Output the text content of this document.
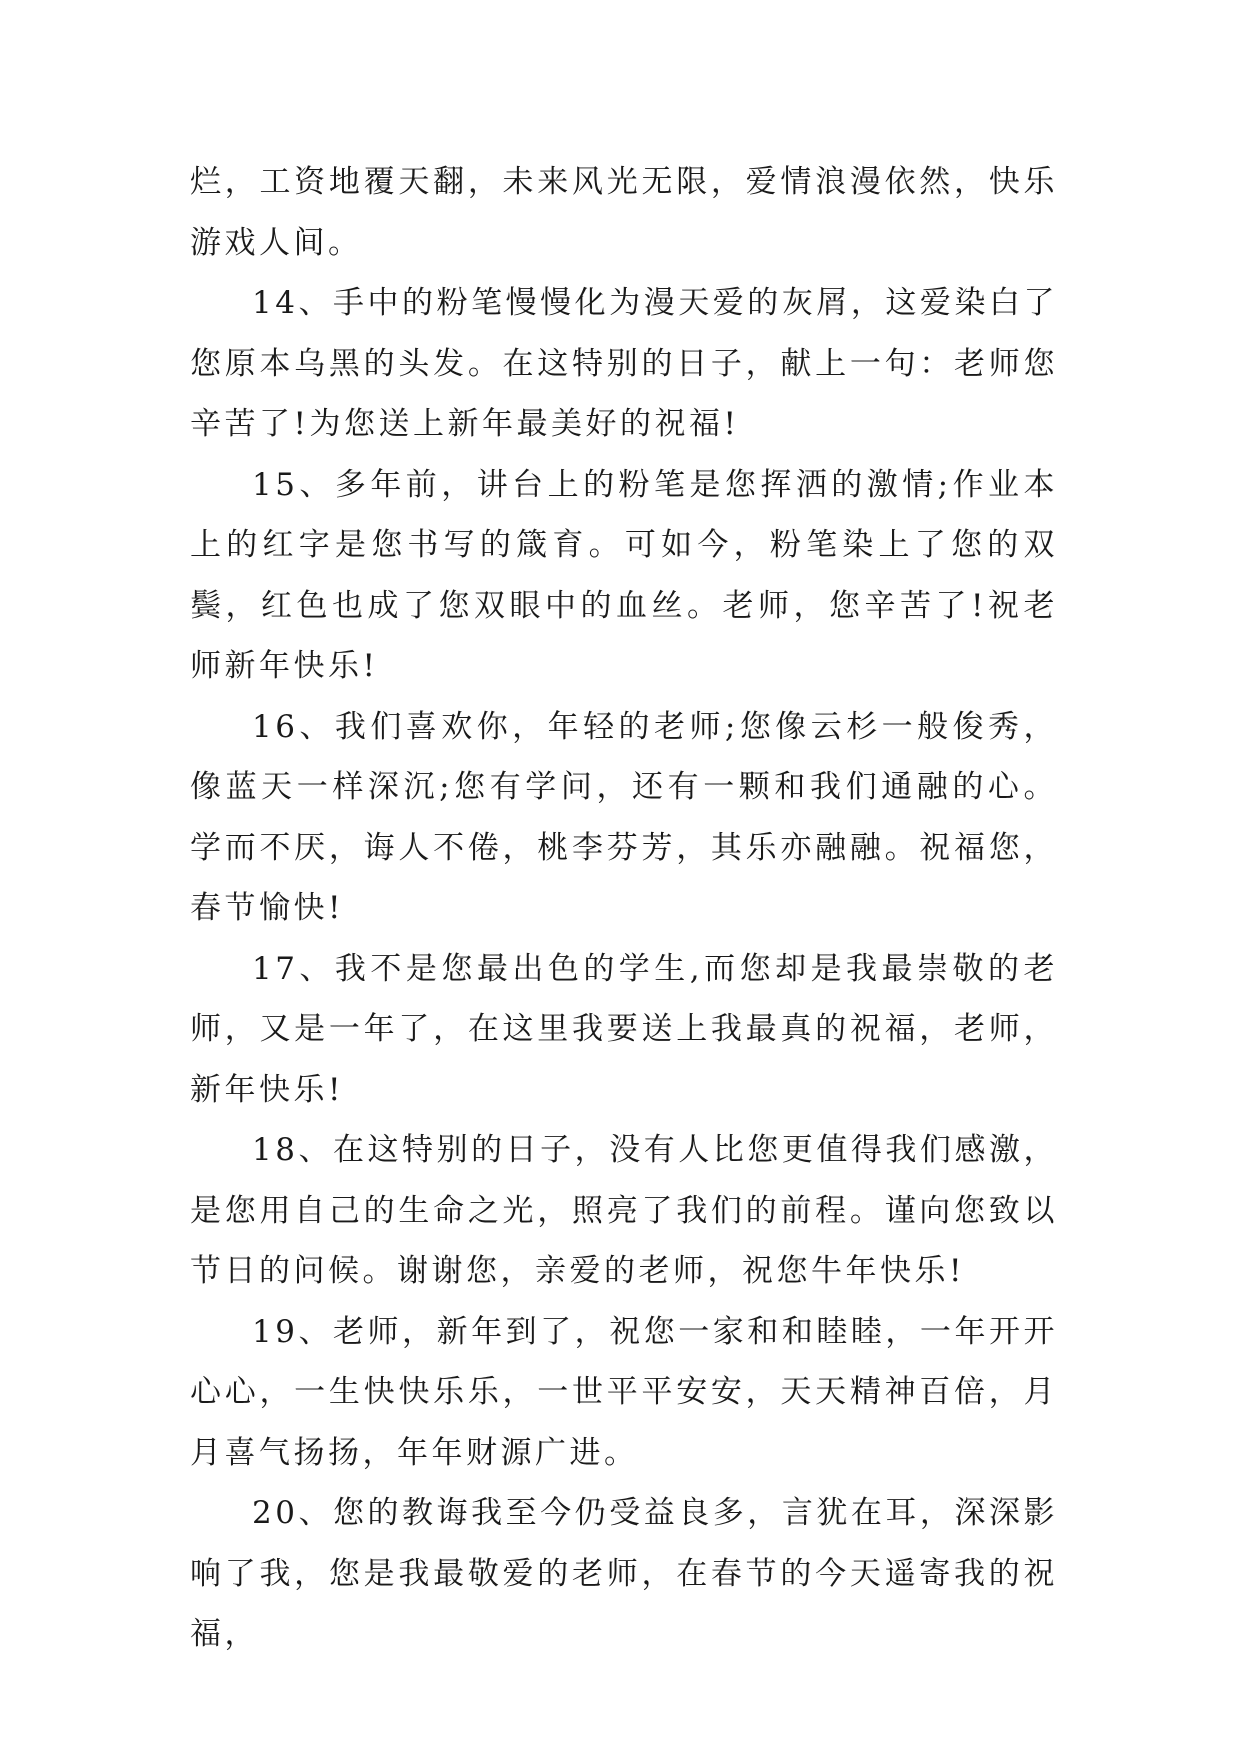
烂，工资地覆天翻，未来风光无限，爱情浪漫依然，快乐游戏人间。

14、手中的粉笔慢慢化为漫天爱的灰屑，这爱染白了您原本乌黑的头发。在这特别的日子，献上一句：老师您辛苦了!为您送上新年最美好的祝福!

15、多年前，讲台上的粉笔是您挥洒的激情;作业本上的红字是您书写的箴育。可如今，粉笔染上了您的双鬓，红色也成了您双眼中的血丝。老师，您辛苦了!祝老师新年快乐!

16、我们喜欢你，年轻的老师;您像云杉一般俊秀，像蓝天一样深沉;您有学问，还有一颗和我们通融的心。学而不厌，诲人不倦，桃李芬芳，其乐亦融融。祝福您，春节愉快!

17、我不是您最出色的学生,而您却是我最崇敬的老师，又是一年了，在这里我要送上我最真的祝福，老师，新年快乐!

18、在这特别的日子，没有人比您更值得我们感激，是您用自己的生命之光，照亮了我们的前程。谨向您致以节日的问候。谢谢您，亲爱的老师，祝您牛年快乐!

19、老师，新年到了，祝您一家和和睦睦，一年开开心心，一生快快乐乐，一世平平安安，天天精神百倍，月月喜气扬扬，年年财源广进。

20、您的教诲我至今仍受益良多，言犹在耳，深深影响了我，您是我最敬爱的老师，在春节的今天遥寄我的祝福，
